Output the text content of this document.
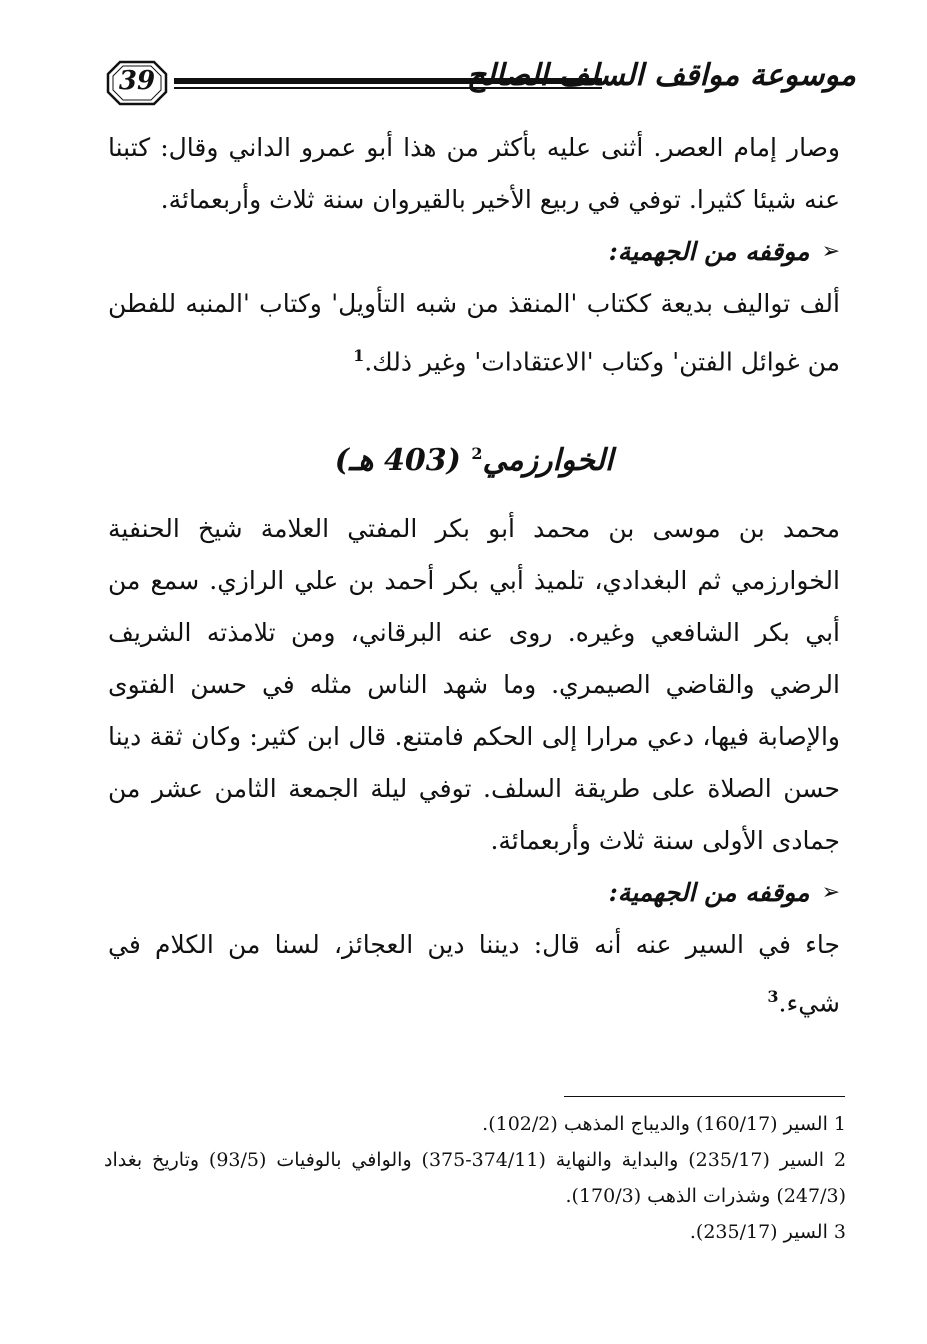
39	موسوعة مواقف السلف الصالح

وصار إمام العصر. أثنى عليه بأكثر من هذا أبو عمرو الداني وقال: كتبنا عنه شيئا كثيرا. توفي في ربيع الأخير بالقيروان سنة ثلاث وأربعمائة.

➢
موقفه من الجهمية:

ألف تواليف بديعة ككتاب 'المنقذ من شبه التأويل' وكتاب 'المنبه للفطن من غوائل الفتن' وكتاب 'الاعتقادات' وغير ذلك.$^1$

الخوارزمي$^2$ (403 هـ)

محمد بن موسى بن محمد أبو بكر المفتي العلامة شيخ الحنفية الخوارزمي ثم البغدادي، تلميذ أبي بكر أحمد بن علي الرازي. سمع من أبي بكر الشافعي وغيره. روى عنه البرقاني، ومن تلامذته الشريف الرضي والقاضي الصيمري. وما شهد الناس مثله في حسن الفتوى والإصابة فيها، دعي مرارا إلى الحكم فامتنع. قال ابن كثير: وكان ثقة دينا حسن الصلاة على طريقة السلف. توفي ليلة الجمعة الثامن عشر من جمادى الأولى سنة ثلاث وأربعمائة.

➢
موقفه من الجهمية:

جاء في السير عنه أنه قال: ديننا دين العجائز، لسنا من الكلام في شيء.$^3$

1 السير (160/17) والديباج المذهب (102/2).

2 السير (235/17) والبداية والنهاية (374/11-375) والوافي بالوفيات (93/5) وتاريخ بغداد (247/3) وشذرات الذهب (170/3).

3 السير (235/17).
